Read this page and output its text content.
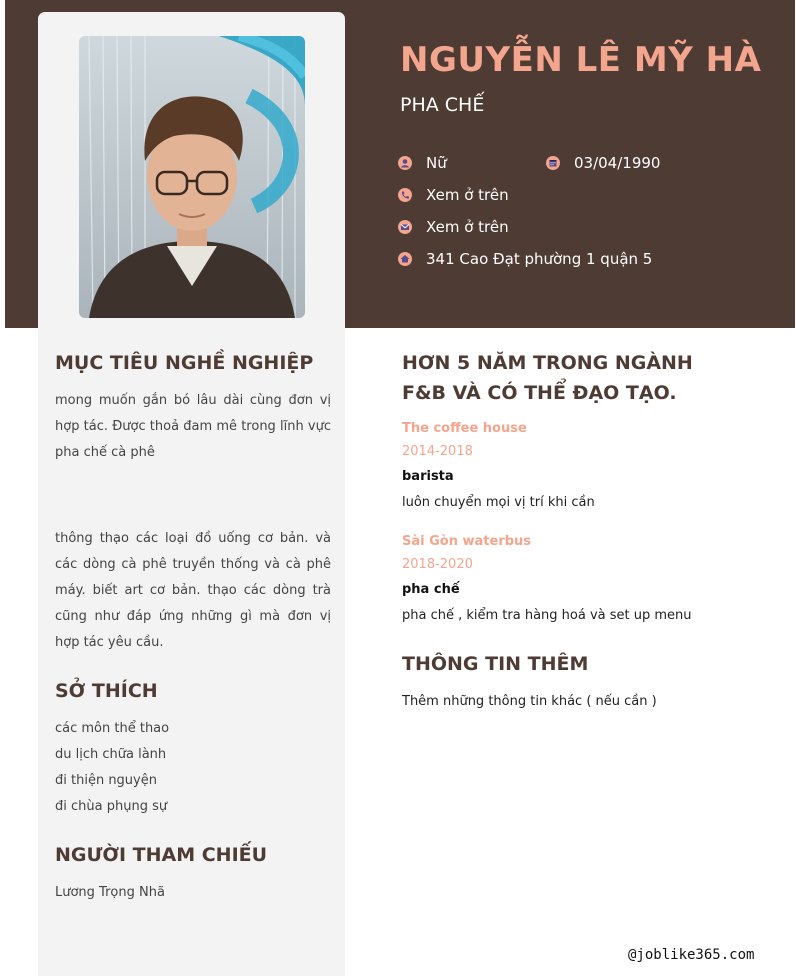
NGUYỄN LÊ MỸ HÀ

PHA CHẾ

Nữ	03/04/1990
Xem ở trên
Xem ở trên
341 Cao Đạt phường 1 quận 5
MỤC TIÊU NGHỀ NGHIỆP

mong muốn gắn bó lâu dài cùng đơn vị hợp tác. Được thoả đam mê trong lĩnh vực pha chế cà phê

thông thạo các loại đồ uống cơ bản. và các dòng cà phê truyền thống và cà phê máy. biết art cơ bản. thạo các dòng trà cũng như đáp ứng những gì mà đơn vị hợp tác yêu cầu.

SỞ THÍCH
các môn thể thao
du lịch chữa lành
đi thiện nguyện
đi chùa phụng sự
NGƯỜI THAM CHIẾU

Lương Trọng Nhã

HƠN 5 NĂM TRONG NGÀNH
F&B VÀ CÓ THỂ ĐẠO TẠO.

The coffee house

2014-2018

barista

luôn chuyển mọi vị trí khi cần

Sài Gòn waterbus

2018-2020

pha chế

pha chế , kiểm tra hàng hoá và set up menu

THÔNG TIN THÊM

Thêm những thông tin khác ( nếu cần )

@joblike365.com
